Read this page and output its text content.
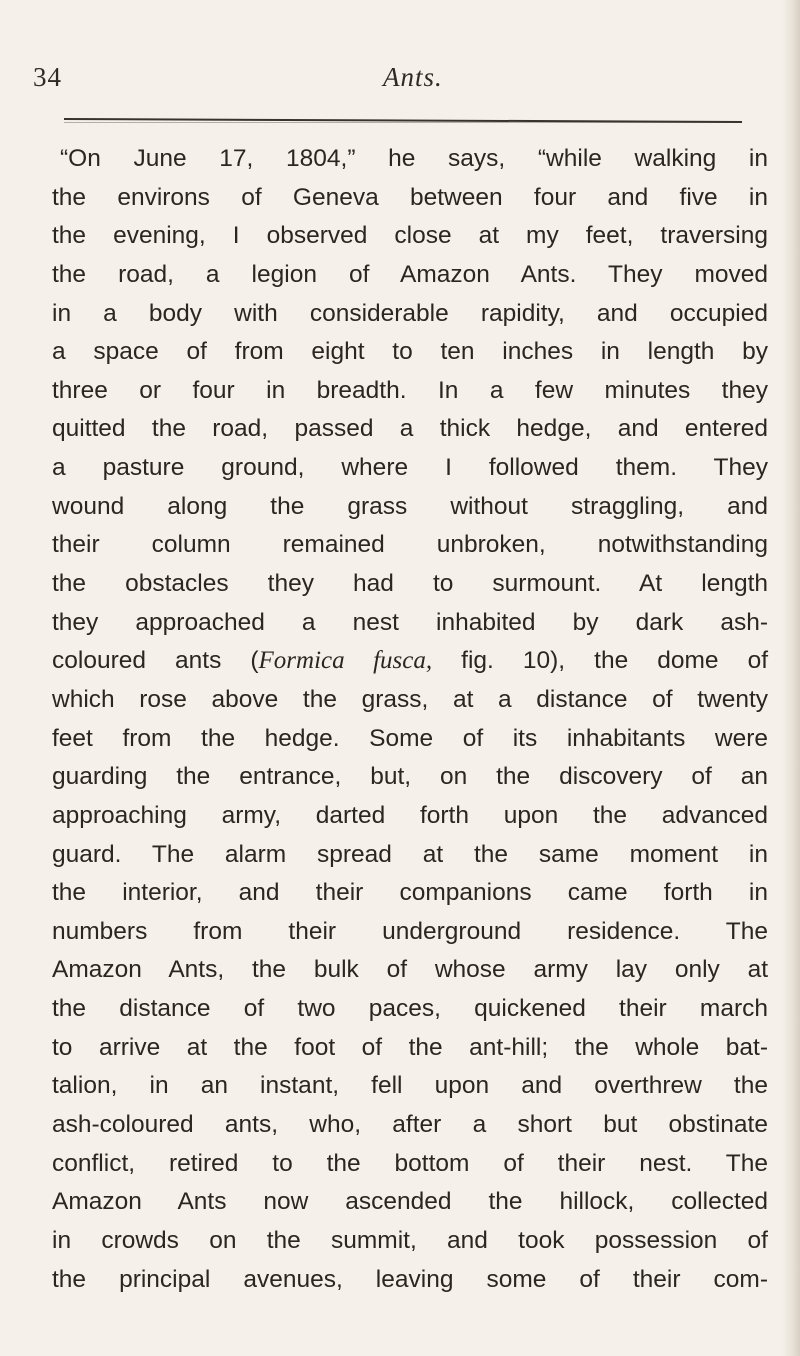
34	Ants.
“On June 17, 1804,” he says, “while walking in
the environs of Geneva between four and five in
the evening, I observed close at my feet, traversing
the road, a legion of Amazon Ants. They moved
in a body with considerable rapidity, and occupied
a space of from eight to ten inches in length by
three or four in breadth. In a few minutes they
quitted the road, passed a thick hedge, and entered
a pasture ground, where I followed them. They
wound along the grass without straggling, and
their column remained unbroken, notwithstanding
the obstacles they had to surmount. At length
they approached a nest inhabited by dark ash-
coloured ants (Formica fusca, fig. 10), the dome of
which rose above the grass, at a distance of twenty
feet from the hedge. Some of its inhabitants were
guarding the entrance, but, on the discovery of an
approaching army, darted forth upon the advanced
guard. The alarm spread at the same moment in
the interior, and their companions came forth in
numbers from their underground residence. The
Amazon Ants, the bulk of whose army lay only at
the distance of two paces, quickened their march
to arrive at the foot of the ant-hill; the whole bat-
talion, in an instant, fell upon and overthrew the
ash-coloured ants, who, after a short but obstinate
conflict, retired to the bottom of their nest. The
Amazon Ants now ascended the hillock, collected
in crowds on the summit, and took possession of
the principal avenues, leaving some of their com-
